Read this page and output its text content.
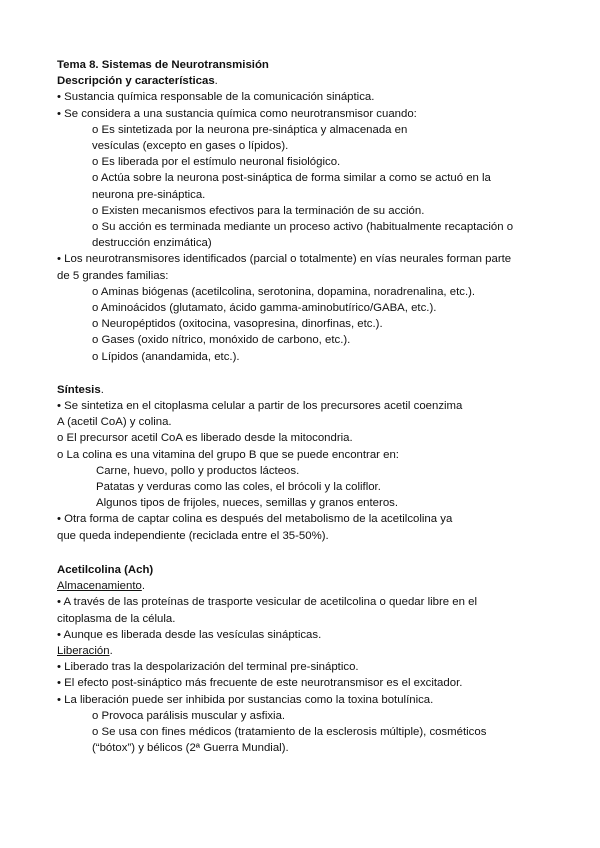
Tema 8. Sistemas de Neurotransmisión
Descripción y características.
• Sustancia química responsable de la comunicación sináptica.
• Se considera a una sustancia química como neurotransmisor cuando:
o Es sintetizada por la neurona pre-sináptica y almacenada en
vesículas (excepto en gases o lípidos).
o Es liberada por el estímulo neuronal fisiológico.
o Actúa sobre la neurona post-sináptica de forma similar a como se actuó en la
neurona pre-sináptica.
o Existen mecanismos efectivos para la terminación de su acción.
o Su acción es terminada mediante un proceso activo (habitualmente recaptación o
destrucción enzimática)
• Los neurotransmisores identificados (parcial o totalmente) en vías neurales forman parte
de 5 grandes familias:
o Aminas biógenas (acetilcolina, serotonina, dopamina, noradrenalina, etc.).
o Aminoácidos (glutamato, ácido gamma-aminobutírico/GABA, etc.).
o Neuropéptidos (oxitocina, vasopresina, dinorfinas, etc.).
o Gases (oxido nítrico, monóxido de carbono, etc.).
o Lípidos (anandamida, etc.).
Síntesis.
• Se sintetiza en el citoplasma celular a partir de los precursores acetil coenzima
A (acetil CoA) y colina.
o El precursor acetil CoA es liberado desde la mitocondria.
o La colina es una vitamina del grupo B que se puede encontrar en:
Carne, huevo, pollo y productos lácteos.
Patatas y verduras como las coles, el brócoli y la coliflor.
Algunos tipos de frijoles, nueces, semillas y granos enteros.
• Otra forma de captar colina es después del metabolismo de la acetilcolina ya
que queda independiente (reciclada entre el 35-50%).
Acetilcolina (Ach)
Almacenamiento.
• A través de las proteínas de trasporte vesicular de acetilcolina o quedar libre en el
citoplasma de la célula.
• Aunque es liberada desde las vesículas sinápticas.
Liberación.
• Liberado tras la despolarización del terminal pre-sináptico.
• El efecto post-sináptico más frecuente de este neurotransmisor es el excitador.
• La liberación puede ser inhibida por sustancias como la toxina botulínica.
o Provoca parálisis muscular y asfixia.
o Se usa con fines médicos (tratamiento de la esclerosis múltiple), cosméticos
(“bótox”) y bélicos (2ª Guerra Mundial).
